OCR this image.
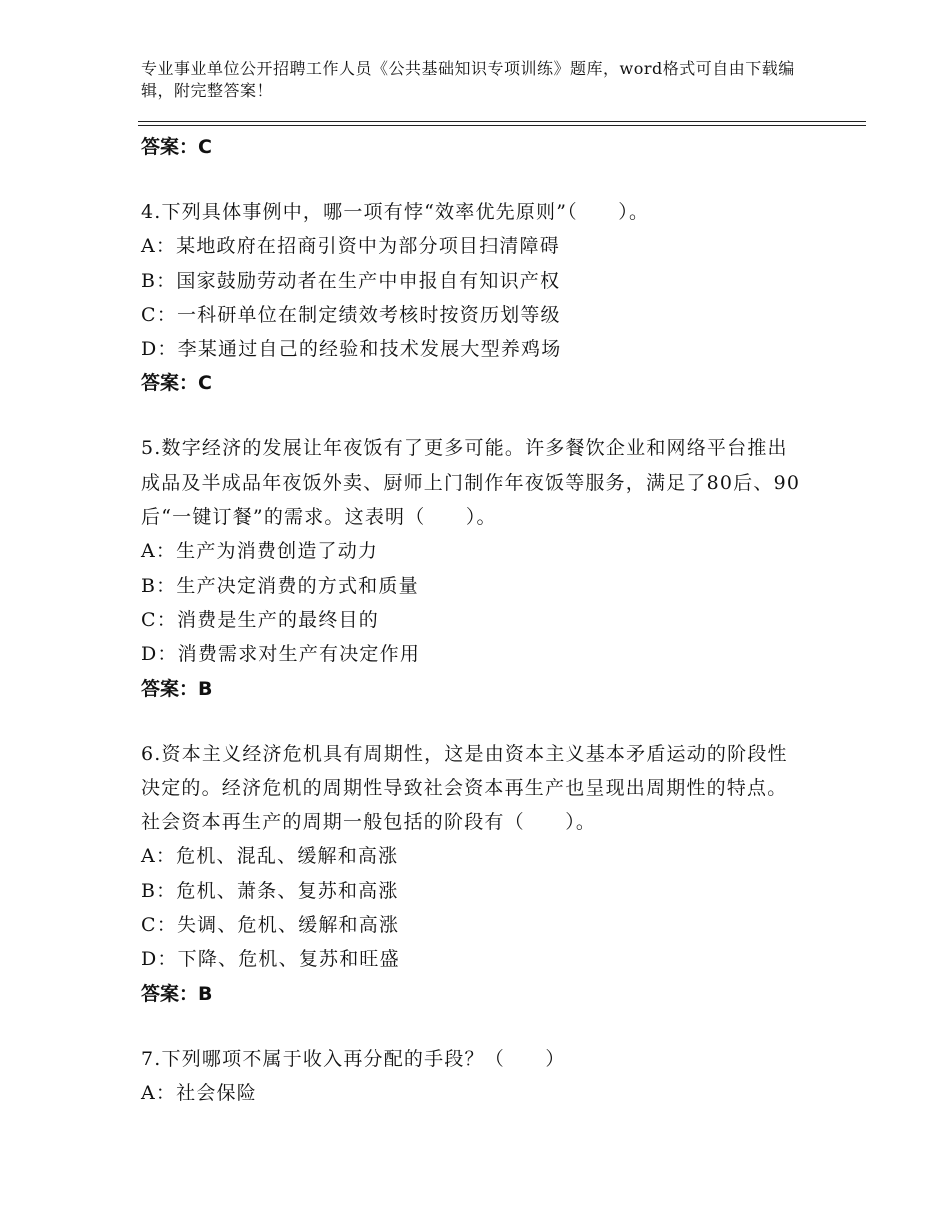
专业事业单位公开招聘工作人员《公共基础知识专项训练》题库，word格式可自由下载编辑，附完整答案！
答案：C
4.下列具体事例中，哪一项有悖“效率优先原则”（　　）。
A：某地政府在招商引资中为部分项目扫清障碍
B：国家鼓励劳动者在生产中申报自有知识产权
C：一科研单位在制定绩效考核时按资历划等级
D：李某通过自己的经验和技术发展大型养鸡场
答案：C
5.数字经济的发展让年夜饭有了更多可能。许多餐饮企业和网络平台推出成品及半成品年夜饭外卖、厨师上门制作年夜饭等服务，满足了80后、90后“一键订餐”的需求。这表明（　　）。
A：生产为消费创造了动力
B：生产决定消费的方式和质量
C：消费是生产的最终目的
D：消费需求对生产有决定作用
答案：B
6.资本主义经济危机具有周期性，这是由资本主义基本矛盾运动的阶段性决定的。经济危机的周期性导致社会资本再生产也呈现出周期性的特点。社会资本再生产的周期一般包括的阶段有（　　）。
A：危机、混乱、缓解和高涨
B：危机、萧条、复苏和高涨
C：失调、危机、缓解和高涨
D：下降、危机、复苏和旺盛
答案：B
7.下列哪项不属于收入再分配的手段？（　　）
A：社会保险
